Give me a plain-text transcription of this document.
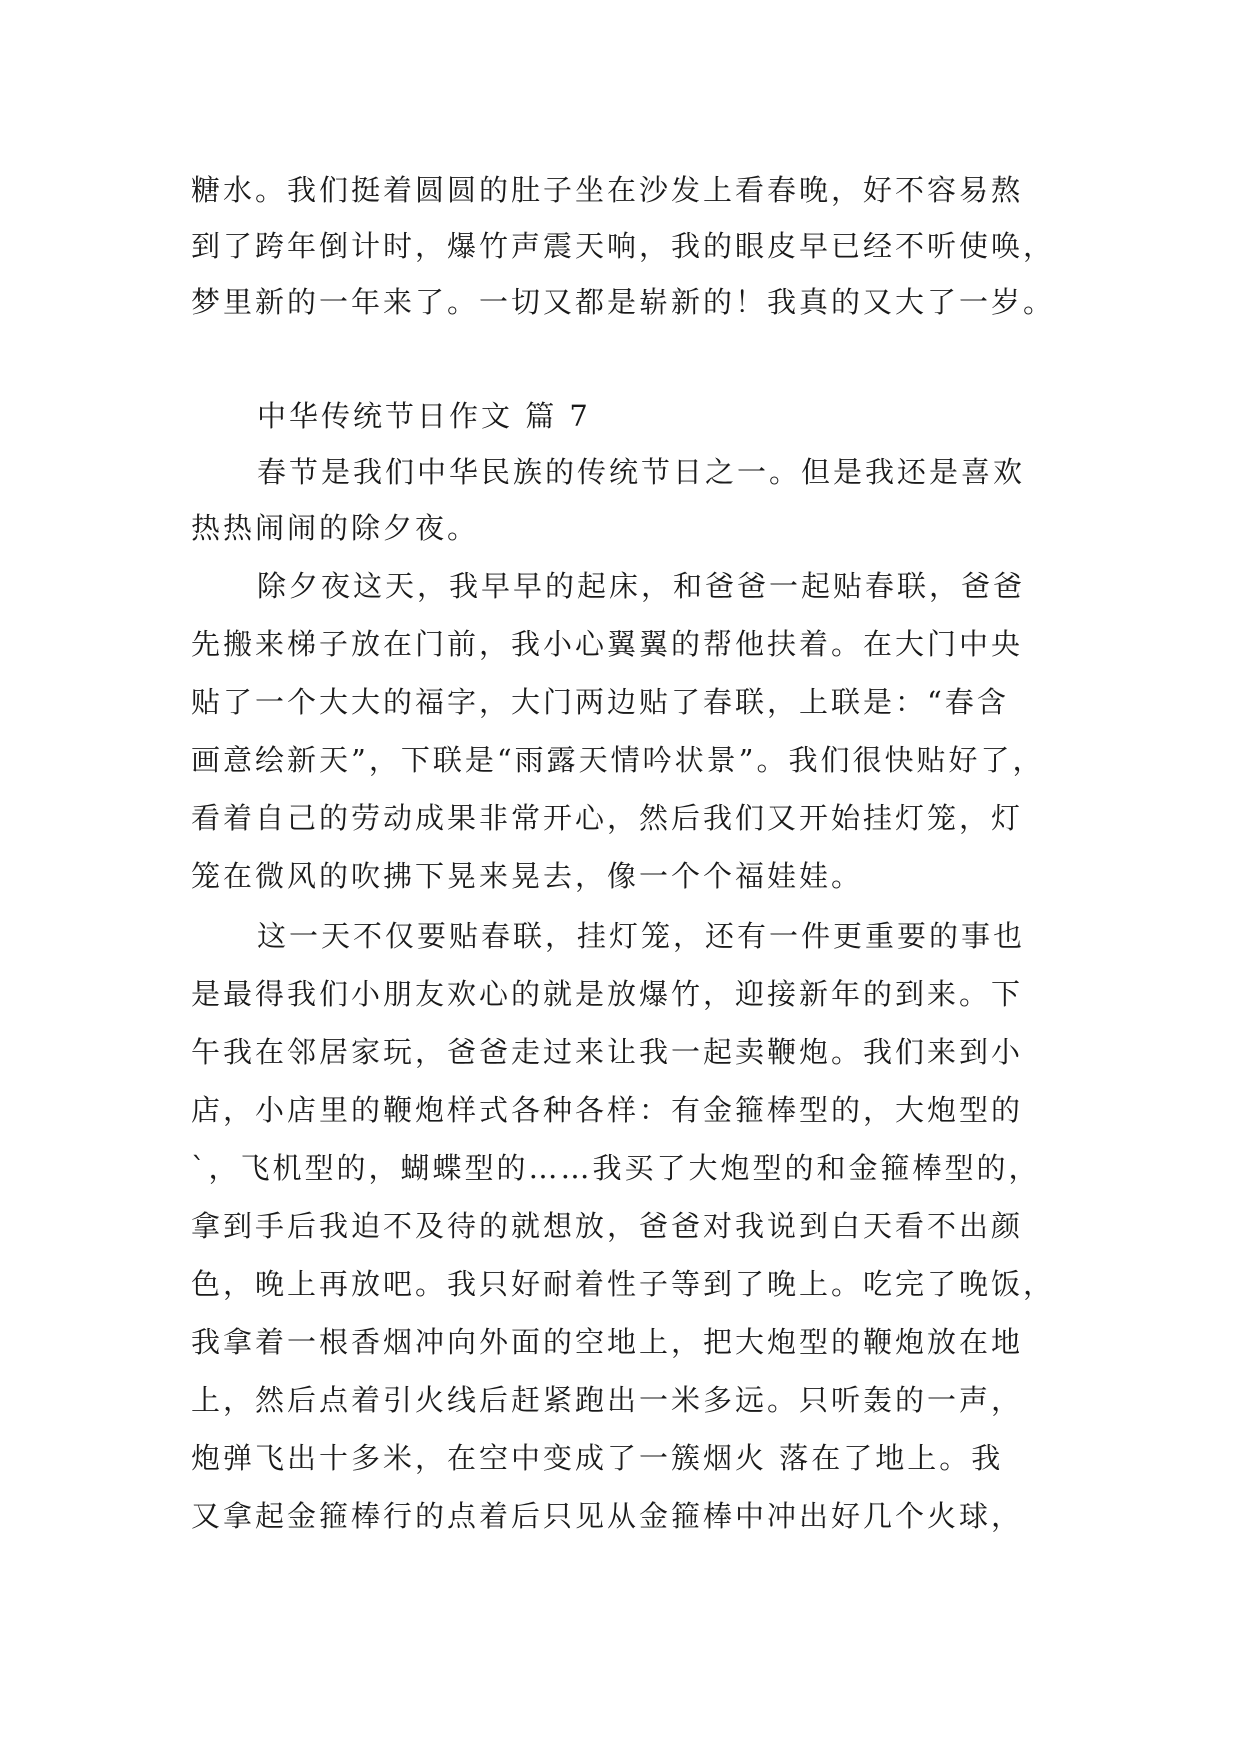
糖水。我们挺着圆圆的肚子坐在沙发上看春晚，好不容易熬
到了跨年倒计时，爆竹声震天响，我的眼皮早已经不听使唤，
梦里新的一年来了。一切又都是崭新的！我真的又大了一岁。
中华传统节日作文 篇 7
春节是我们中华民族的传统节日之一。但是我还是喜欢
热热闹闹的除夕夜。
除夕夜这天，我早早的起床，和爸爸一起贴春联，爸爸
先搬来梯子放在门前，我小心翼翼的帮他扶着。在大门中央
贴了一个大大的福字，大门两边贴了春联，上联是：“春含
画意绘新天”，下联是“雨露天情吟状景”。我们很快贴好了，
看着自己的劳动成果非常开心，然后我们又开始挂灯笼，灯
笼在微风的吹拂下晃来晃去，像一个个福娃娃。
这一天不仅要贴春联，挂灯笼，还有一件更重要的事也
是最得我们小朋友欢心的就是放爆竹，迎接新年的到来。下
午我在邻居家玩，爸爸走过来让我一起卖鞭炮。我们来到小
店，小店里的鞭炮样式各种各样：有金箍棒型的，大炮型的
`，飞机型的，蝴蝶型的……我买了大炮型的和金箍棒型的，
拿到手后我迫不及待的就想放，爸爸对我说到白天看不出颜
色，晚上再放吧。我只好耐着性子等到了晚上。吃完了晚饭，
我拿着一根香烟冲向外面的空地上，把大炮型的鞭炮放在地
上，然后点着引火线后赶紧跑出一米多远。只听轰的一声，
炮弹飞出十多米，在空中变成了一簇烟火 落在了地上。我
又拿起金箍棒行的点着后只见从金箍棒中冲出好几个火球，
